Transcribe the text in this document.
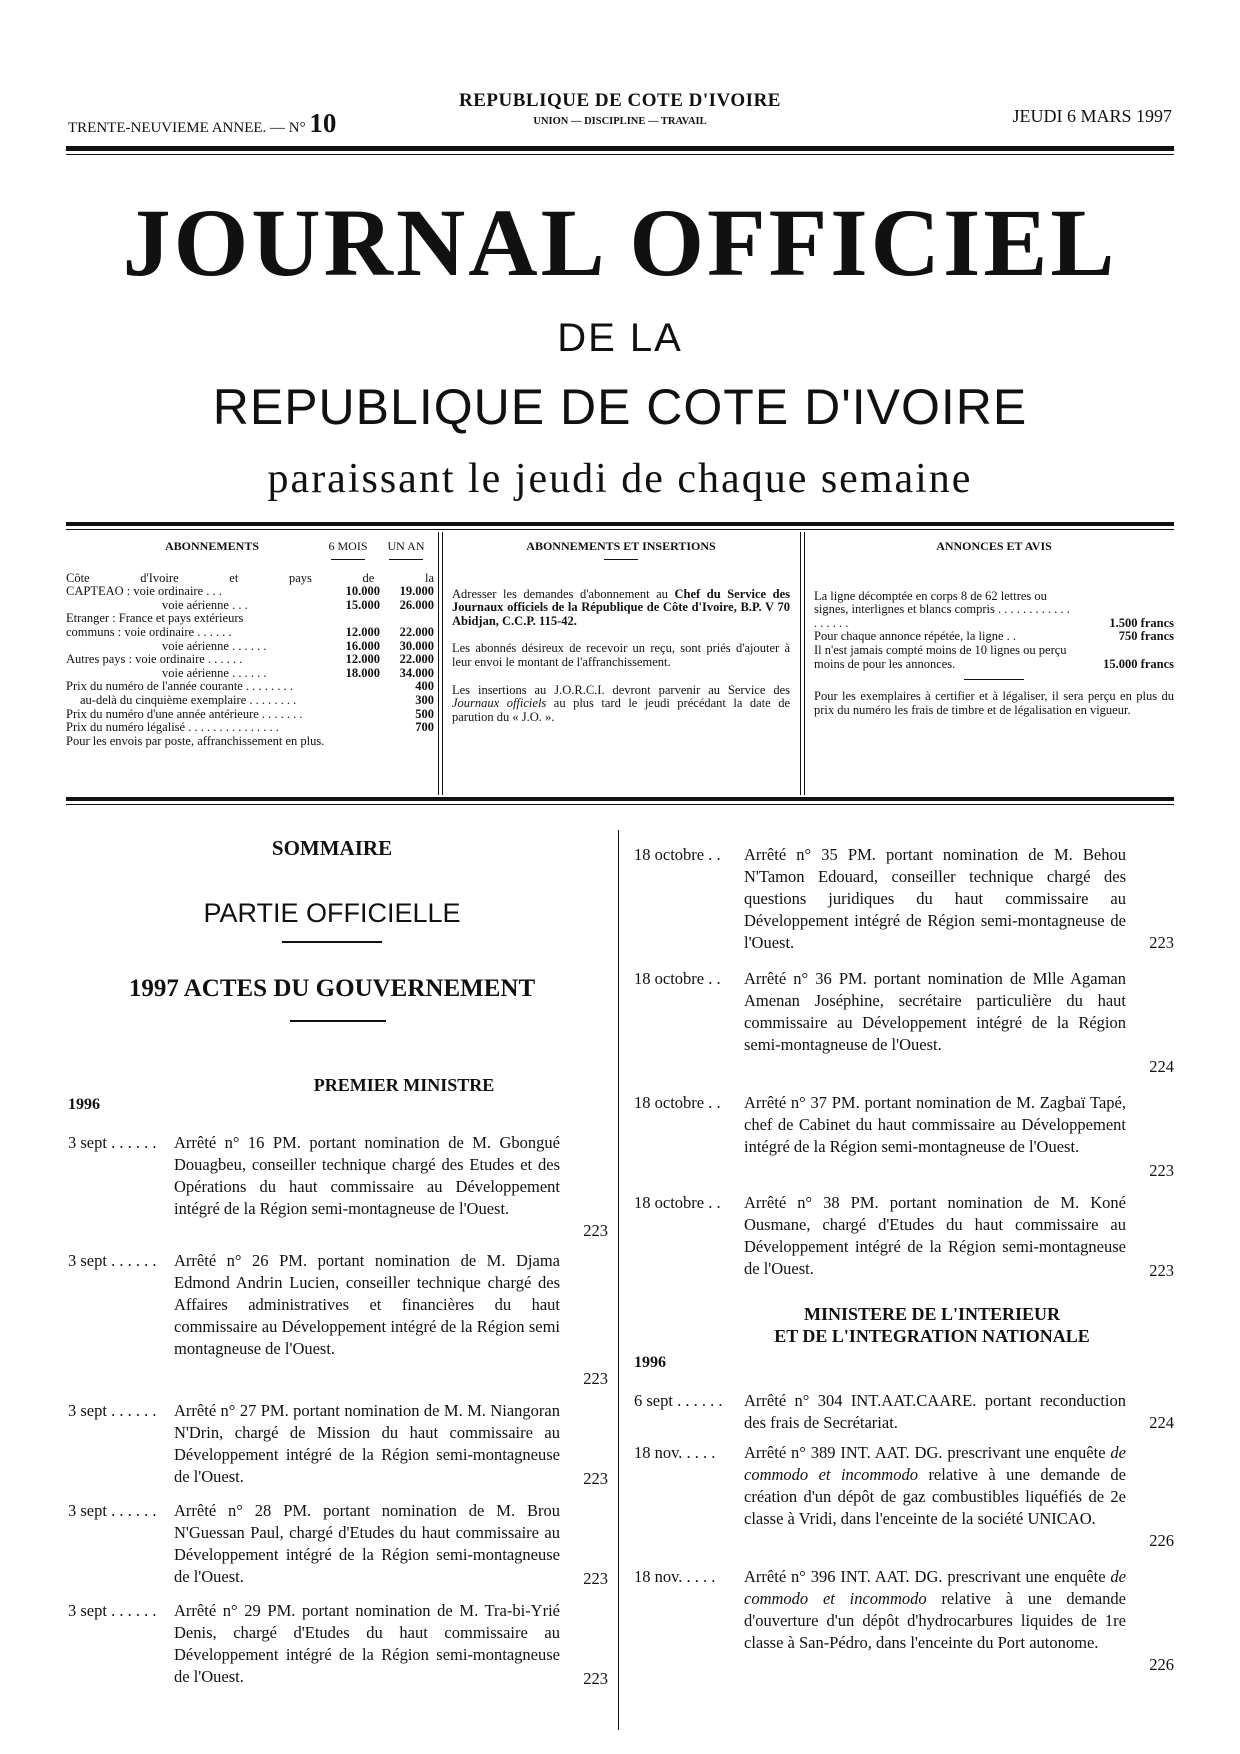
TRENTE-NEUVIEME ANNEE. — N° 10
REPUBLIQUE DE COTE D'IVOIRE
UNION — DISCIPLINE — TRAVAIL	JEUDI 6 MARS 1997
JOURNAL OFFICIEL
DE LA
REPUBLIQUE DE COTE D'IVOIRE
paraissant le jeudi de chaque semaine
ABONNEMENTS	6 MOIS	UN AN
Côte d'Ivoire et pays de la
CAPTEAO : voie ordinaire . . .	10.000	19.000
voie aérienne . . .	15.000	26.000
Etranger : France et pays extérieurs
communs : voie ordinaire . . . . . .	12.000	22.000
voie aérienne . . . . . .	16.000	30.000
Autres pays : voie ordinaire . . . . . .	12.000	22.000
voie aérienne . . . . . .	18.000	34.000
Prix du numéro de l'année courante . . . . . . . .	400
au-delà du cinquième exemplaire . . . . . . . .	300
Prix du numéro d'une année antérieure . . . . . . .	500
Prix du numéro légalisé . . . . . . . . . . . . . . .	700
Pour les envois par poste, affranchissement en plus.
ABONNEMENTS ET INSERTIONS
Adresser les demandes d'abonnement au Chef du Service des Journaux officiels de la République de Côte d'Ivoire, B.P. V 70 Abidjan, C.C.P. 115-42.
Les abonnés désireux de recevoir un reçu, sont priés d'ajouter à leur envoi le montant de l'affranchissement.
Les insertions au J.O.R.C.I. devront parvenir au Service des Journaux officiels au plus tard le jeudi précédant la date de parution du « J.O. ».
ANNONCES ET AVIS
La ligne décomptée en corps 8 de 62 lettres ou signes, interlignes et blancs compris . . . . . . . . . . . . . . . . . .	1.500 francs
Pour chaque annonce répétée, la ligne . .	750 francs
Il n'est jamais compté moins de 10 lignes ou perçu moins de pour les annonces.	15.000 francs
Pour les exemplaires à certifier et à légaliser, il sera perçu en plus du prix du numéro les frais de timbre et de légalisation en vigueur.
SOMMAIRE
PARTIE OFFICIELLE
1997 ACTES DU GOUVERNEMENT
PREMIER MINISTRE
1996
3 sept . . . . . . Arrêté n° 16 PM. portant nomination de M. Gbongué Douagbeu, conseiller technique chargé des Etudes et des Opérations du haut commissaire au Développement intégré de la Région semi-montagneuse de l'Ouest.
223
3 sept . . . . . . Arrêté n° 26 PM. portant nomination de M. Djama Edmond Andrin Lucien, conseiller technique chargé des Affaires administratives et financières du haut commissaire au Développement intégré de la Région semi montagneuse de l'Ouest.
223
3 sept . . . . . . Arrêté n° 27 PM. portant nomination de M. M. Niangoran N'Drin, chargé de Mission du haut commissaire au Développement intégré de la Région semi-montagneuse de l'Ouest.	223
3 sept . . . . . . Arrêté n° 28 PM. portant nomination de M. Brou N'Guessan Paul, chargé d'Etudes du haut commissaire au Développement intégré de la Région semi-montagneuse de l'Ouest.	223
3 sept . . . . . . Arrêté n° 29 PM. portant nomination de M. Tra-bi-Yrié Denis, chargé d'Etudes du haut commissaire au Développement intégré de la Région semi-montagneuse de l'Ouest.	223
18 octobre . . Arrêté n° 35 PM. portant nomination de M. Behou N'Tamon Edouard, conseiller technique chargé des questions juridiques du haut commissaire au Développement intégré de Région semi-montagneuse de l'Ouest.	223
18 octobre . . Arrêté n° 36 PM. portant nomination de Mlle Agaman Amenan Joséphine, secrétaire particulière du haut commissaire au Développement intégré de la Région semi-montagneuse de l'Ouest.
224
18 octobre . . Arrêté n° 37 PM. portant nomination de M. Zagbaï Tapé, chef de Cabinet du haut commissaire au Développement intégré de la Région semi-montagneuse de l'Ouest.
223
18 octobre . . Arrêté n° 38 PM. portant nomination de M. Koné Ousmane, chargé d'Etudes du haut commissaire au Développement intégré de la Région semi-montagneuse de l'Ouest.	223
MINISTERE DE L'INTERIEUR
ET DE L'INTEGRATION NATIONALE
1996
6 sept . . . . . . Arrêté n° 304 INT.AAT.CAARE. portant reconduction des frais de Secrétariat.	224
18 nov. . . . . Arrêté n° 389 INT. AAT. DG. prescrivant une enquête de commodo et incommodo relative à une demande de création d'un dépôt de gaz combustibles liquéfiés de 2e classe à Vridi, dans l'enceinte de la société UNICAO.
226
18 nov. . . . . Arrêté n° 396 INT. AAT. DG. prescrivant une enquête de commodo et incommodo relative à une demande d'ouverture d'un dépôt d'hydrocarbures liquides de 1re classe à San-Pédro, dans l'enceinte du Port autonome.
226
